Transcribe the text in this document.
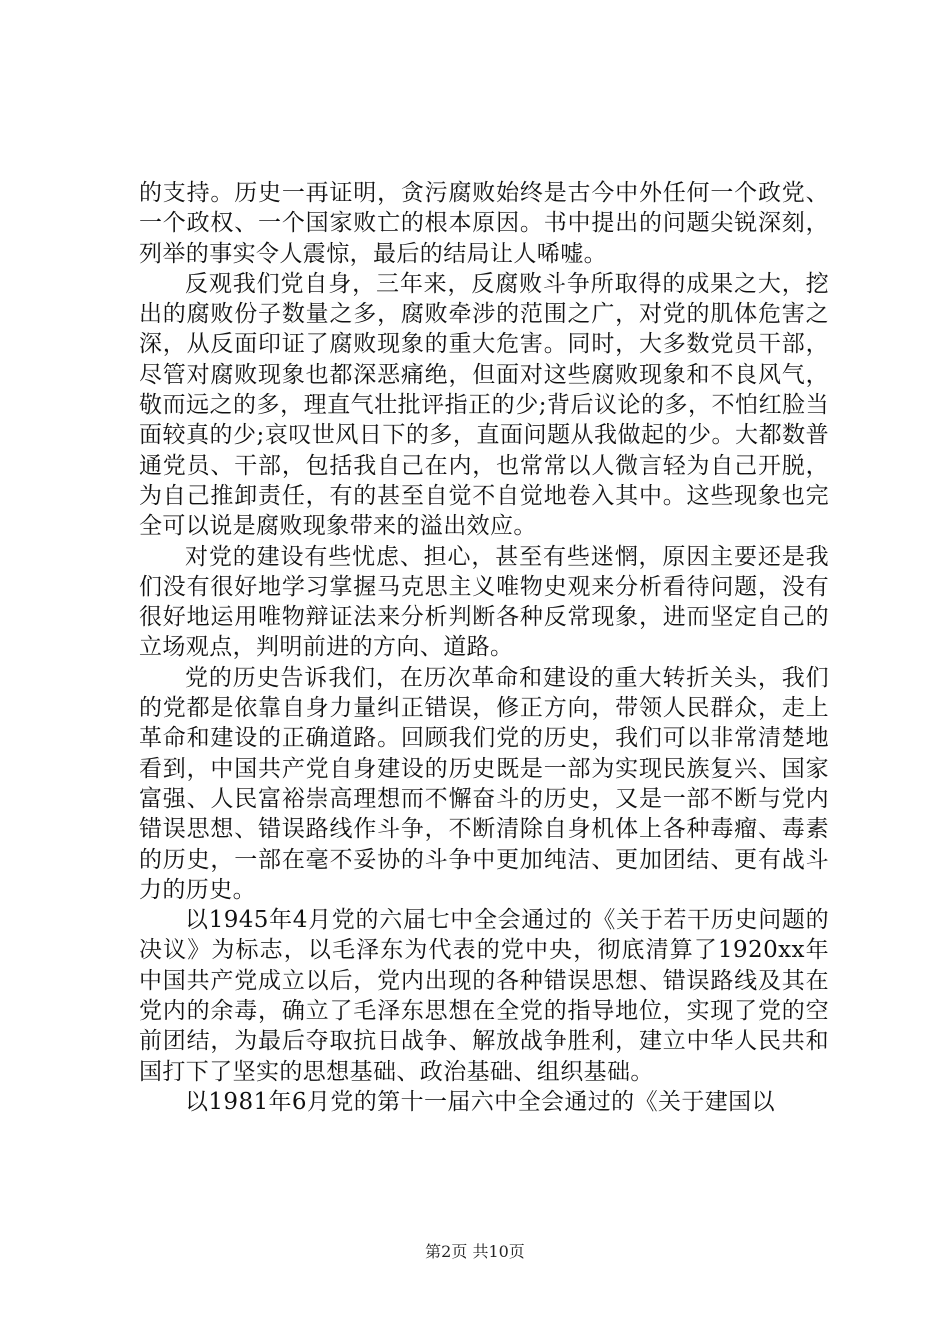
的支持。历史一再证明，贪污腐败始终是古今中外任何一个政党、一个政权、一个国家败亡的根本原因。书中提出的问题尖锐深刻，列举的事实令人震惊，最后的结局让人唏嘘。

反观我们党自身，三年来，反腐败斗争所取得的成果之大，挖出的腐败份子数量之多，腐败牵涉的范围之广，对党的肌体危害之深，从反面印证了腐败现象的重大危害。同时，大多数党员干部，尽管对腐败现象也都深恶痛绝，但面对这些腐败现象和不良风气，敬而远之的多，理直气壮批评指正的少;背后议论的多，不怕红脸当面较真的少;哀叹世风日下的多，直面问题从我做起的少。大都数普通党员、干部，包括我自己在内，也常常以人微言轻为自己开脱，为自己推卸责任，有的甚至自觉不自觉地卷入其中。这些现象也完全可以说是腐败现象带来的溢出效应。

对党的建设有些忧虑、担心，甚至有些迷惘，原因主要还是我们没有很好地学习掌握马克思主义唯物史观来分析看待问题，没有很好地运用唯物辩证法来分析判断各种反常现象，进而坚定自己的立场观点，判明前进的方向、道路。

党的历史告诉我们，在历次革命和建设的重大转折关头，我们的党都是依靠自身力量纠正错误，修正方向，带领人民群众，走上革命和建设的正确道路。回顾我们党的历史，我们可以非常清楚地看到，中国共产党自身建设的历史既是一部为实现民族复兴、国家富强、人民富裕崇高理想而不懈奋斗的历史，又是一部不断与党内错误思想、错误路线作斗争，不断清除自身机体上各种毒瘤、毒素的历史，一部在毫不妥协的斗争中更加纯洁、更加团结、更有战斗力的历史。

以1945年4月党的六届七中全会通过的《关于若干历史问题的决议》为标志，以毛泽东为代表的党中央，彻底清算了1920xx年中国共产党成立以后，党内出现的各种错误思想、错误路线及其在党内的余毒，确立了毛泽东思想在全党的指导地位，实现了党的空前团结，为最后夺取抗日战争、解放战争胜利，建立中华人民共和国打下了坚实的思想基础、政治基础、组织基础。

以1981年6月党的第十一届六中全会通过的《关于建国以

第2页 共10页
